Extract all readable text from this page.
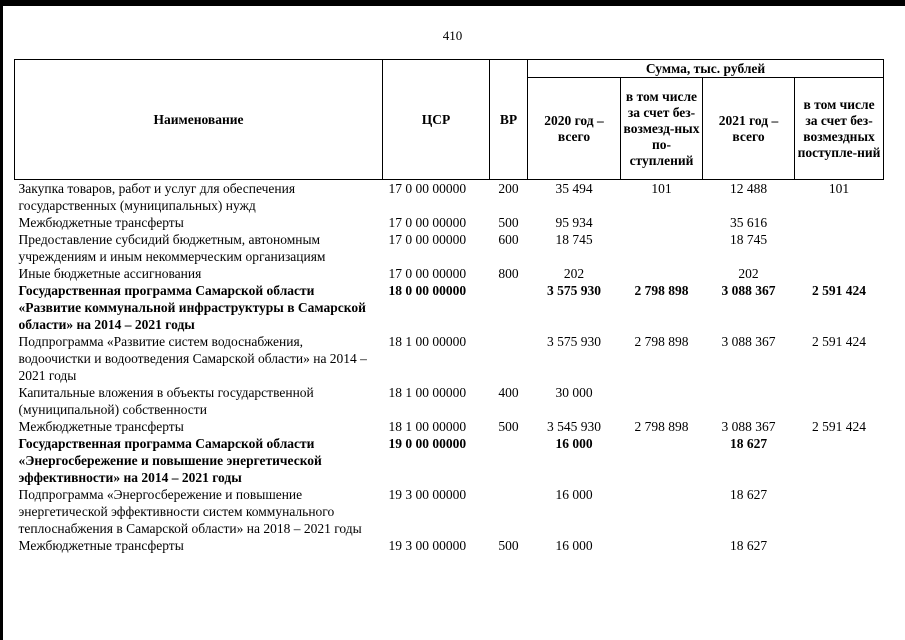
410
Наименование	ЦСР	ВР	Сумма, тыс. рублей			
			2020 год – всего	в том числе за счет без-возмезд-ных по-ступлений	2021 год – всего	в том числе за счет без-возмездных поступле-ний
Закупка товаров, работ и услуг для обеспечения государственных (муниципальных) нужд	17 0 00 00000	200	35 494	101	12 488	101
Межбюджетные трансферты	17 0 00 00000	500	95 934		35 616	
Предоставление субсидий бюджетным, автономным учреждениям и иным некоммерческим организациям	17 0 00 00000	600	18 745		18 745	
Иные бюджетные ассигнования	17 0 00 00000	800	202		202	
Государственная программа Самарской области «Развитие коммунальной инфраструктуры в Самарской области» на 2014 – 2021 годы	18 0 00 00000		3 575 930	2 798 898	3 088 367	2 591 424
Подпрограмма «Развитие систем водоснабжения, водоочистки и водоотведения Самарской области» на 2014 – 2021 годы	18 1 00 00000		3 575 930	2 798 898	3 088 367	2 591 424
Капитальные вложения в объекты государственной (муниципальной) собственности	18 1 00 00000	400	30 000			
Межбюджетные трансферты	18 1 00 00000	500	3 545 930	2 798 898	3 088 367	2 591 424
Государственная программа Самарской области «Энергосбережение и повышение энергетической эффективности» на 2014 – 2021 годы	19 0 00 00000		16 000		18 627	
Подпрограмма «Энергосбережение и повышение энергетической эффективности систем коммунального теплоснабжения в Самарской области» на 2018 – 2021 годы	19 3 00 00000		16 000		18 627	
Межбюджетные трансферты	19 3 00 00000	500	16 000		18 627	
